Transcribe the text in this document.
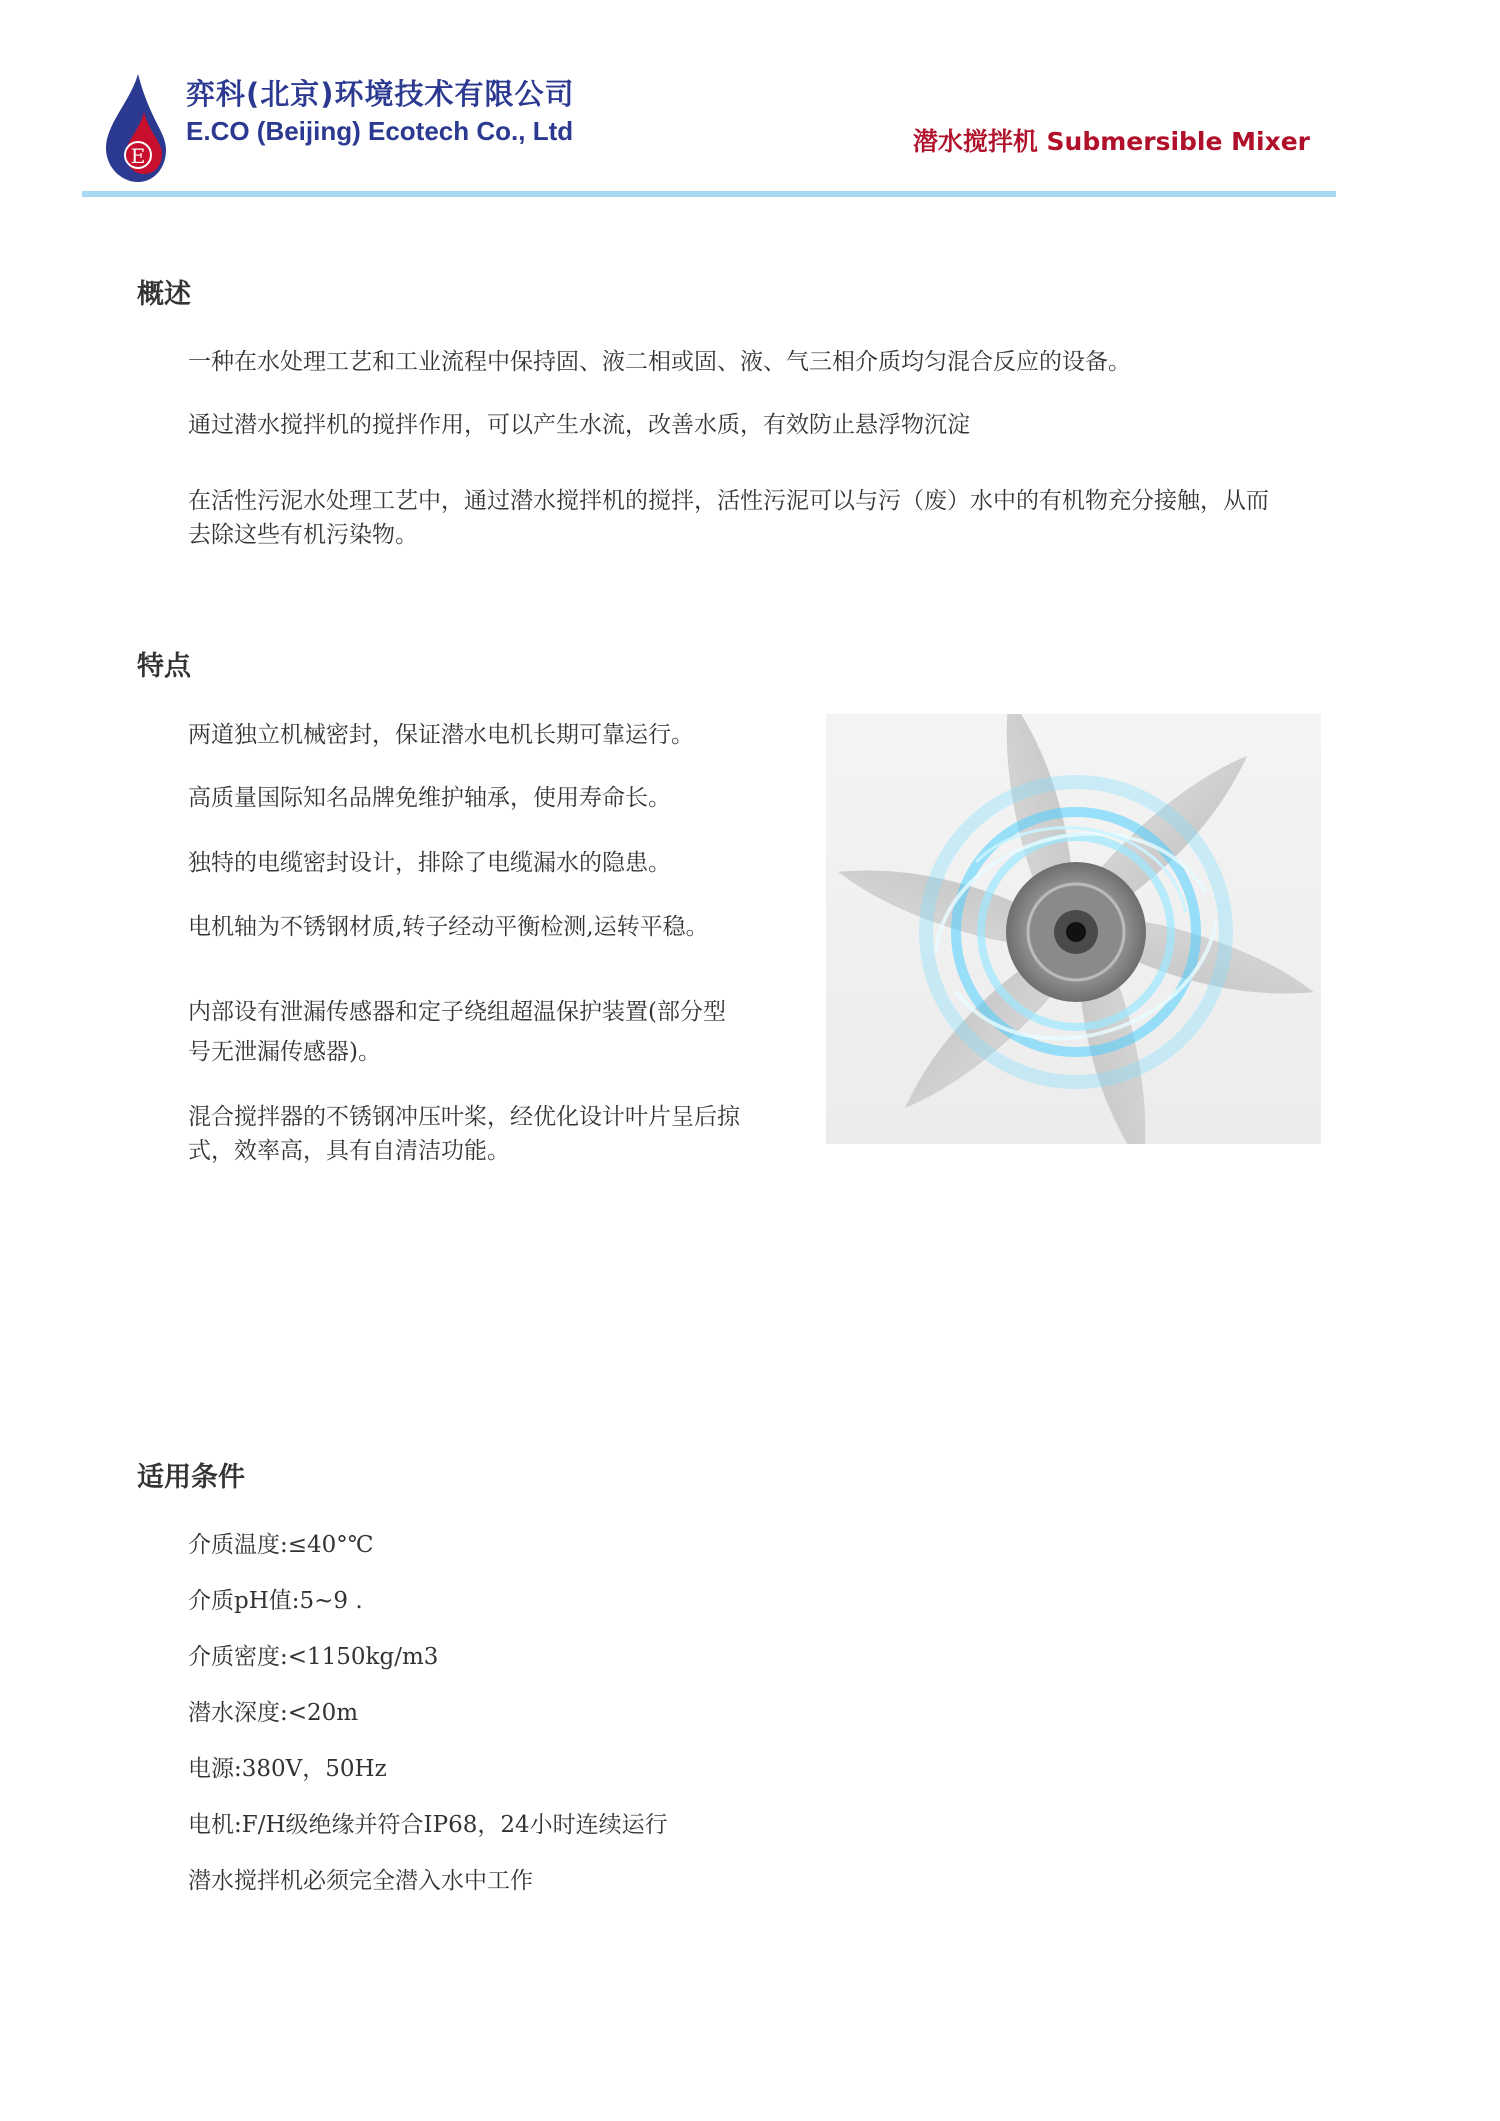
E
弈科(北京)环境技术有限公司
E.CO (Beijing) Ecotech Co., Ltd	潜水搅拌机 Submersible Mixer
概述
一种在水处理工艺和工业流程中保持固、液二相或固、液、气三相介质均匀混合反应的设备。
通过潜水搅拌机的搅拌作用，可以产生水流，改善水质，有效防止悬浮物沉淀
在活性污泥水处理工艺中，通过潜水搅拌机的搅拌，活性污泥可以与污（废）水中的有机物充分接触，从而去除这些有机污染物。
特点
两道独立机械密封，保证潜水电机长期可靠运行。
高质量国际知名品牌免维护轴承，使用寿命长。
独特的电缆密封设计，排除了电缆漏水的隐患。
电机轴为不锈钢材质,转子经动平衡检测,运转平稳。
内部设有泄漏传感器和定子绕组超温保护装置(部分型号无泄漏传感器)。
混合搅拌器的不锈钢冲压叶桨，经优化设计叶片呈后掠式，效率高，具有自清洁功能。
适用条件
介质温度:≤40°℃
介质pH值:5~9 .
介质密度:<1150kg/m3
潜水深度:<20m
电源:380V，50Hz
电机:F/H级绝缘并符合IP68，24小时连续运行
潜水搅拌机必须完全潜入水中工作
